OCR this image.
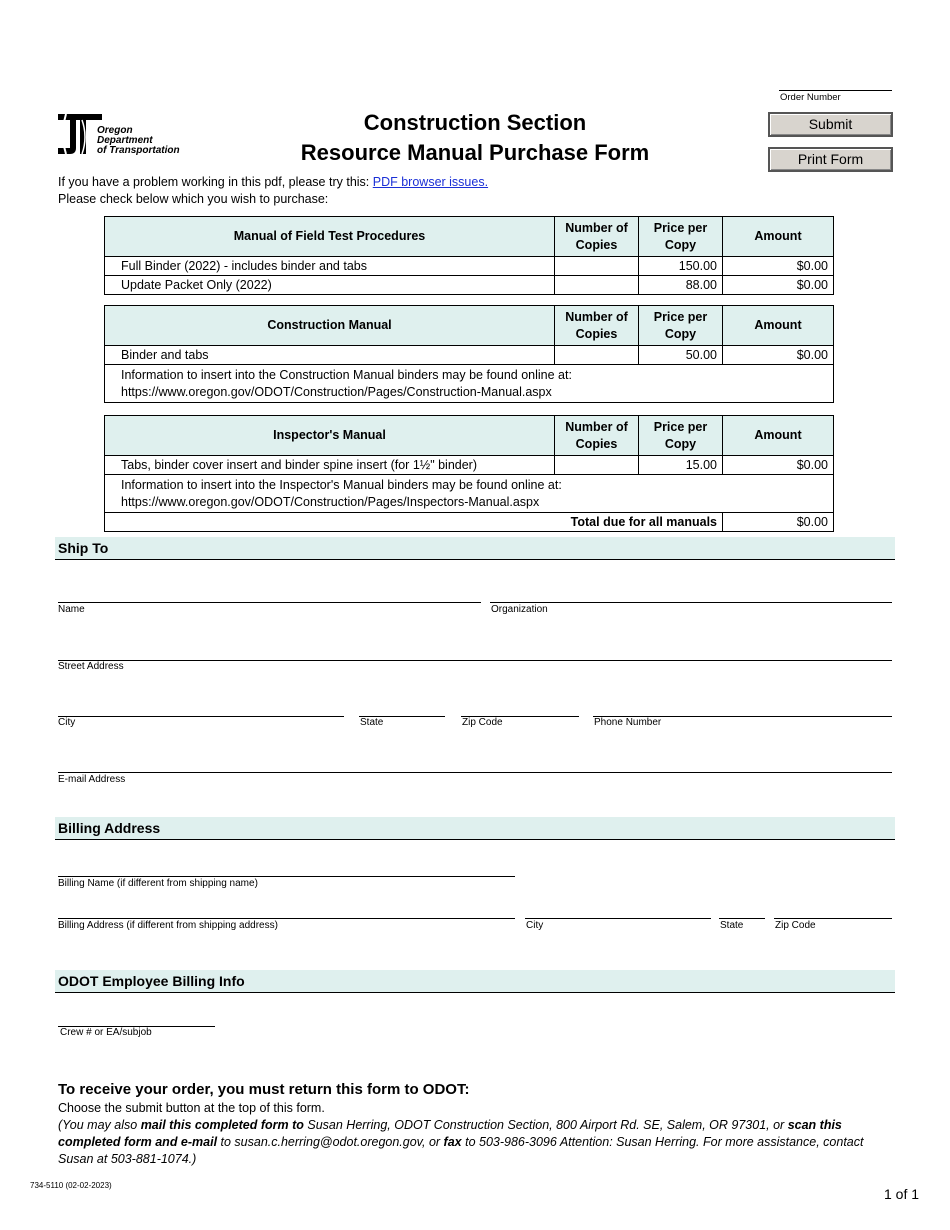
Order Number
Submit
Print Form
Oregon
Department
of Transportation
Construction Section
Resource Manual Purchase Form
If you have a problem working in this pdf, please try this: PDF browser issues.
Please check below which you wish to purchase:
Manual of Field Test Procedures	Number of Copies	Price per Copy	Amount
Full Binder (2022) - includes binder and tabs		150.00	$0.00
Update Packet Only (2022)		88.00	$0.00
Construction Manual	Number of Copies	Price per Copy	Amount
Binder and tabs		50.00	$0.00

Information to insert into the Construction Manual binders may be found online at:
https://www.oregon.gov/ODOT/Construction/Pages/Construction-Manual.aspx			
Inspector's Manual	Number of Copies	Price per Copy	Amount
Tabs, binder cover insert and binder spine insert (for 1½" binder)		15.00	$0.00

Information to insert into the Inspector's Manual binders may be found online at:
https://www.oregon.gov/ODOT/Construction/Pages/Inspectors-Manual.aspx			

Total due for all manuals			$0.00
Ship To
Name	Organization
Street Address
City	State	Zip Code	Phone Number
E-mail Address
Billing Address
Billing Name (if different from shipping name)
Billing Address (if different from shipping address)	City	State	Zip Code
ODOT Employee Billing Info
Crew # or EA/subjob
To receive your order, you must return this form to ODOT:
Choose the submit button at the top of this form.
(You may also mail this completed form to Susan Herring, ODOT Construction Section, 800 Airport Rd. SE, Salem, OR 97301, or scan this completed form and e-mail to susan.c.herring@odot.oregon.gov, or fax to 503-986-3096 Attention: Susan Herring. For more assistance, contact Susan at 503-881-1074.)
734-5110 (02-02-2023)
1 of 1
